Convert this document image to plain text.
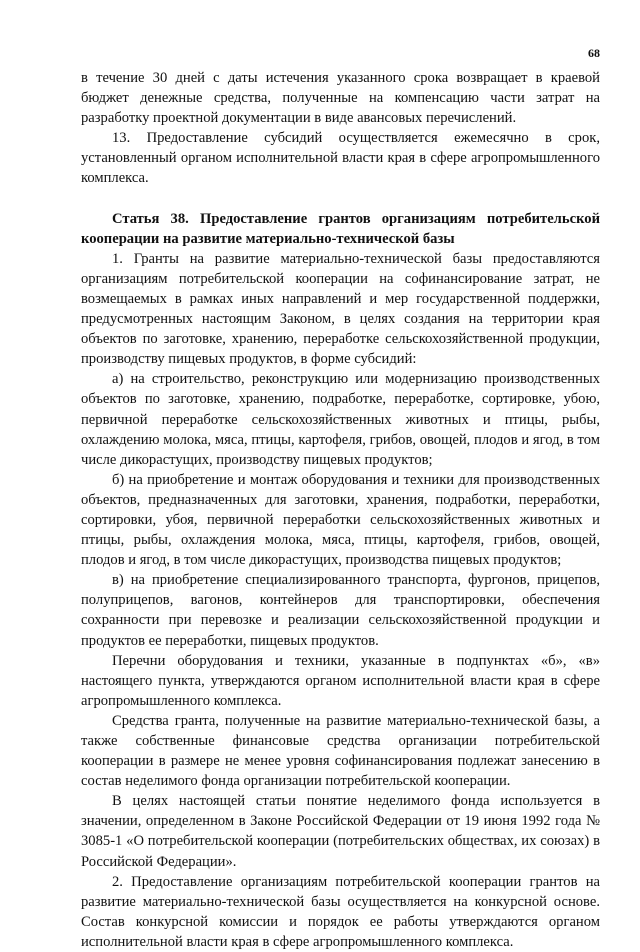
68

в течение 30 дней с даты истечения указанного срока возвращает в краевой бюджет денежные средства, полученные на компенсацию части затрат на разработку проектной документации в виде авансовых перечислений.

13. Предоставление субсидий осуществляется ежемесячно в срок, установленный органом исполнительной власти края в сфере агропромышленного комплекса.

Статья 38. Предоставление грантов организациям потребительской кооперации на развитие материально-технической базы

1. Гранты на развитие материально-технической базы предоставляются организациям потребительской кооперации на софинансирование затрат, не возмещаемых в рамках иных направлений и мер государственной поддержки, предусмотренных настоящим Законом, в целях создания на территории края объектов по заготовке, хранению, переработке сельскохозяйственной продукции, производству пищевых продуктов, в форме субсидий:

а) на строительство, реконструкцию или модернизацию производственных объектов по заготовке, хранению, подработке, переработке, сортировке, убою, первичной переработке сельскохозяйственных животных и птицы, рыбы, охлаждению молока, мяса, птицы, картофеля, грибов, овощей, плодов и ягод, в том числе дикорастущих, производству пищевых продуктов;

б) на приобретение и монтаж оборудования и техники для производственных объектов, предназначенных для заготовки, хранения, подработки, переработки, сортировки, убоя, первичной переработки сельскохозяйственных животных и птицы, рыбы, охлаждения молока, мяса, птицы, картофеля, грибов, овощей, плодов и ягод, в том числе дикорастущих, производства пищевых продуктов;

в) на приобретение специализированного транспорта, фургонов, прицепов, полуприцепов, вагонов, контейнеров для транспортировки, обеспечения сохранности при перевозке и реализации сельскохозяйственной продукции и продуктов ее переработки, пищевых продуктов.

Перечни оборудования и техники, указанные в подпунктах «б», «в» настоящего пункта, утверждаются органом исполнительной власти края в сфере агропромышленного комплекса.

Средства гранта, полученные на развитие материально-технической базы, а также собственные финансовые средства организации потребительской кооперации в размере не менее уровня софинансирования подлежат занесению в состав неделимого фонда организации потребительской кооперации.

В целях настоящей статьи понятие неделимого фонда используется в значении, определенном в Законе Российской Федерации от 19 июня 1992 года № 3085-1 «О потребительской кооперации (потребительских обществах, их союзах) в Российской Федерации».

2. Предоставление организациям потребительской кооперации грантов на развитие материально-технической базы осуществляется на конкурсной основе. Состав конкурсной комиссии и порядок ее работы утверждаются органом исполнительной власти края в сфере агропромышленного комплекса.
